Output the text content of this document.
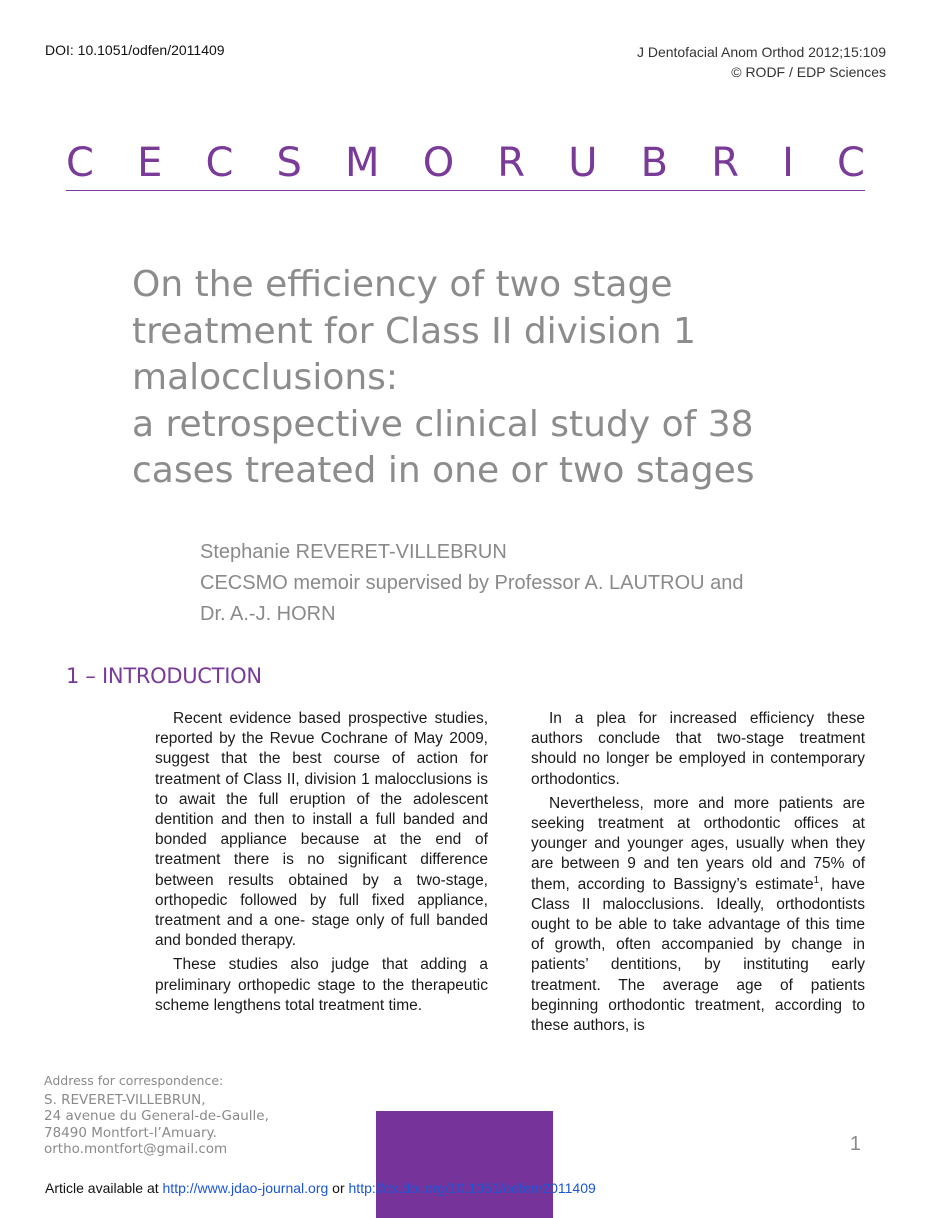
DOI: 10.1051/odfen/2011409	J Dentofacial Anom Orthod 2012;15:109
© RODF / EDP Sciences
C E C S M O R U B R I C
On the efficiency of two stage
treatment for Class II division 1
malocclusions:
a retrospective clinical study of 38
cases treated in one or two stages
Stephanie REVERET-VILLEBRUN
CECSMO memoir supervised by Professor A. LAUTROU and
Dr. A.-J. HORN
1 – INTRODUCTION

Recent evidence based prospective studies, reported by the Revue Cochrane of May 2009, suggest that the best course of action for treatment of Class II, division 1 malocclusions is to await the full eruption of the adolescent dentition and then to install a full banded and bonded appliance because at the end of treatment there is no significant difference between results obtained by a two-stage, orthopedic followed by full fixed appliance, treatment and a one- stage only of full banded and bonded therapy.

These studies also judge that adding a preliminary orthopedic stage to the therapeutic scheme lengthens total treatment time.

In a plea for increased efficiency these authors conclude that two-stage treatment should no longer be employed in contemporary orthodontics.

Nevertheless, more and more patients are seeking treatment at orthodontic offices at younger and younger ages, usually when they are between 9 and ten years old and 75% of them, according to Bassigny’s estimate$^1$, have Class II malocclusions. Ideally, orthodontists ought to be able to take advantage of this time of growth, often accompanied by change in patients’ dentitions, by instituting early treatment. The average age of patients beginning orthodontic treatment, according to these authors, is

Address for correspondence:
S. REVERET-VILLEBRUN,
24 avenue du General-de-Gaulle,
78490 Montfort-l’Amuary.
ortho.montfort@gmail.com	1
Article available at http://www.jdao-journal.org or http://dx.doi.org/10.1051/odfen/2011409
